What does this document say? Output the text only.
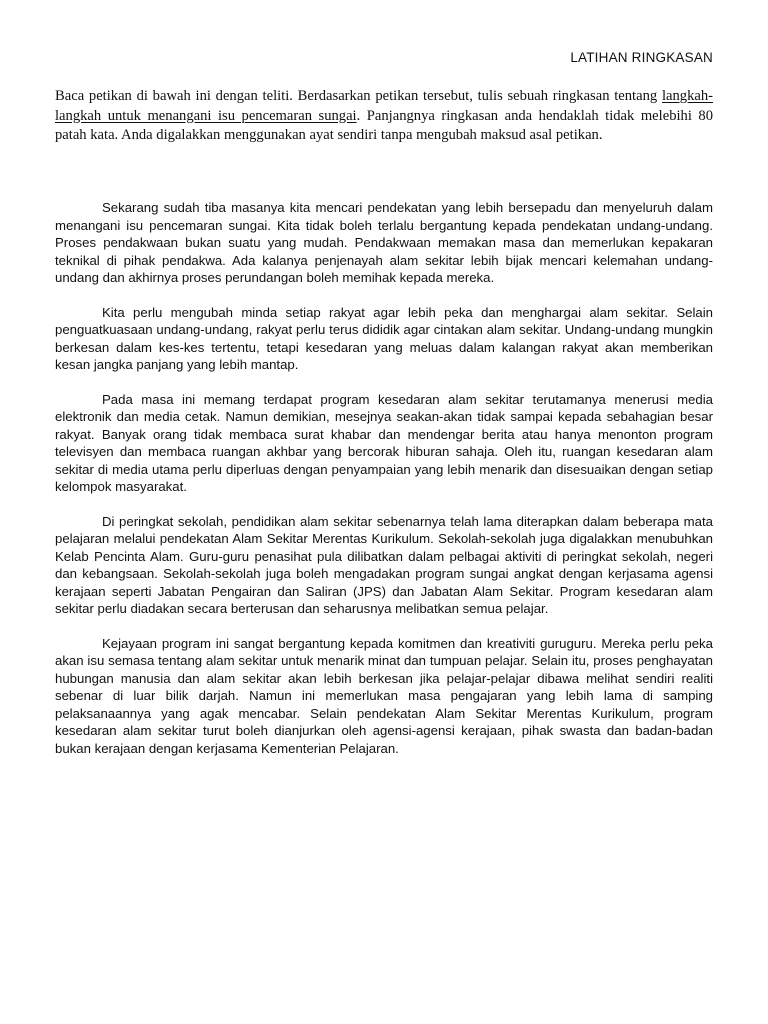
LATIHAN RINGKASAN

Baca petikan di bawah ini dengan teliti. Berdasarkan petikan tersebut, tulis sebuah ringkasan tentang langkah-langkah untuk menangani isu pencemaran sungai. Panjangnya ringkasan anda hendaklah tidak melebihi 80 patah kata. Anda digalakkan menggunakan ayat sendiri tanpa mengubah maksud asal petikan.

Sekarang sudah tiba masanya kita mencari pendekatan yang lebih bersepadu dan menyeluruh dalam menangani isu pencemaran sungai. Kita tidak boleh terlalu bergantung kepada pendekatan undang-undang. Proses pendakwaan bukan suatu yang mudah. Pendakwaan memakan masa dan memerlukan kepakaran teknikal di pihak pendakwa. Ada kalanya penjenayah alam sekitar lebih bijak mencari kelemahan undang-undang dan akhirnya proses perundangan boleh memihak kepada mereka.

Kita perlu mengubah minda setiap rakyat agar lebih peka dan menghargai alam sekitar. Selain penguatkuasaan undang-undang, rakyat perlu terus dididik agar cintakan alam sekitar. Undang-undang mungkin berkesan dalam kes-kes tertentu, tetapi kesedaran yang meluas dalam kalangan rakyat akan memberikan kesan jangka panjang yang lebih mantap.

Pada masa ini memang terdapat program kesedaran alam sekitar terutamanya menerusi media elektronik dan media cetak. Namun demikian, mesejnya seakan-akan tidak sampai kepada sebahagian besar rakyat. Banyak orang tidak membaca surat khabar dan mendengar berita atau hanya menonton program televisyen dan membaca ruangan akhbar yang bercorak hiburan sahaja. Oleh itu, ruangan kesedaran alam sekitar di media utama perlu diperluas dengan penyampaian yang lebih menarik dan disesuaikan dengan setiap kelompok masyarakat.

Di peringkat sekolah, pendidikan alam sekitar sebenarnya telah lama diterapkan dalam beberapa mata pelajaran melalui pendekatan Alam Sekitar Merentas Kurikulum. Sekolah-sekolah juga digalakkan menubuhkan Kelab Pencinta Alam. Guru-guru penasihat pula dilibatkan dalam pelbagai aktiviti di peringkat sekolah, negeri dan kebangsaan. Sekolah-sekolah juga boleh mengadakan program sungai angkat dengan kerjasama agensi kerajaan seperti Jabatan Pengairan dan Saliran (JPS) dan Jabatan Alam Sekitar. Program kesedaran alam sekitar perlu diadakan secara berterusan dan seharusnya melibatkan semua pelajar.

Kejayaan program ini sangat bergantung kepada komitmen dan kreativiti guruguru. Mereka perlu peka akan isu semasa tentang alam sekitar untuk menarik minat dan tumpuan pelajar. Selain itu, proses penghayatan hubungan manusia dan alam sekitar akan lebih berkesan jika pelajar-pelajar dibawa melihat sendiri realiti sebenar di luar bilik darjah. Namun ini memerlukan masa pengajaran yang lebih lama di samping pelaksanaannya yang agak mencabar. Selain pendekatan Alam Sekitar Merentas Kurikulum, program kesedaran alam sekitar turut boleh dianjurkan oleh agensi-agensi kerajaan, pihak swasta dan badan-badan bukan kerajaan dengan kerjasama Kementerian Pelajaran.
